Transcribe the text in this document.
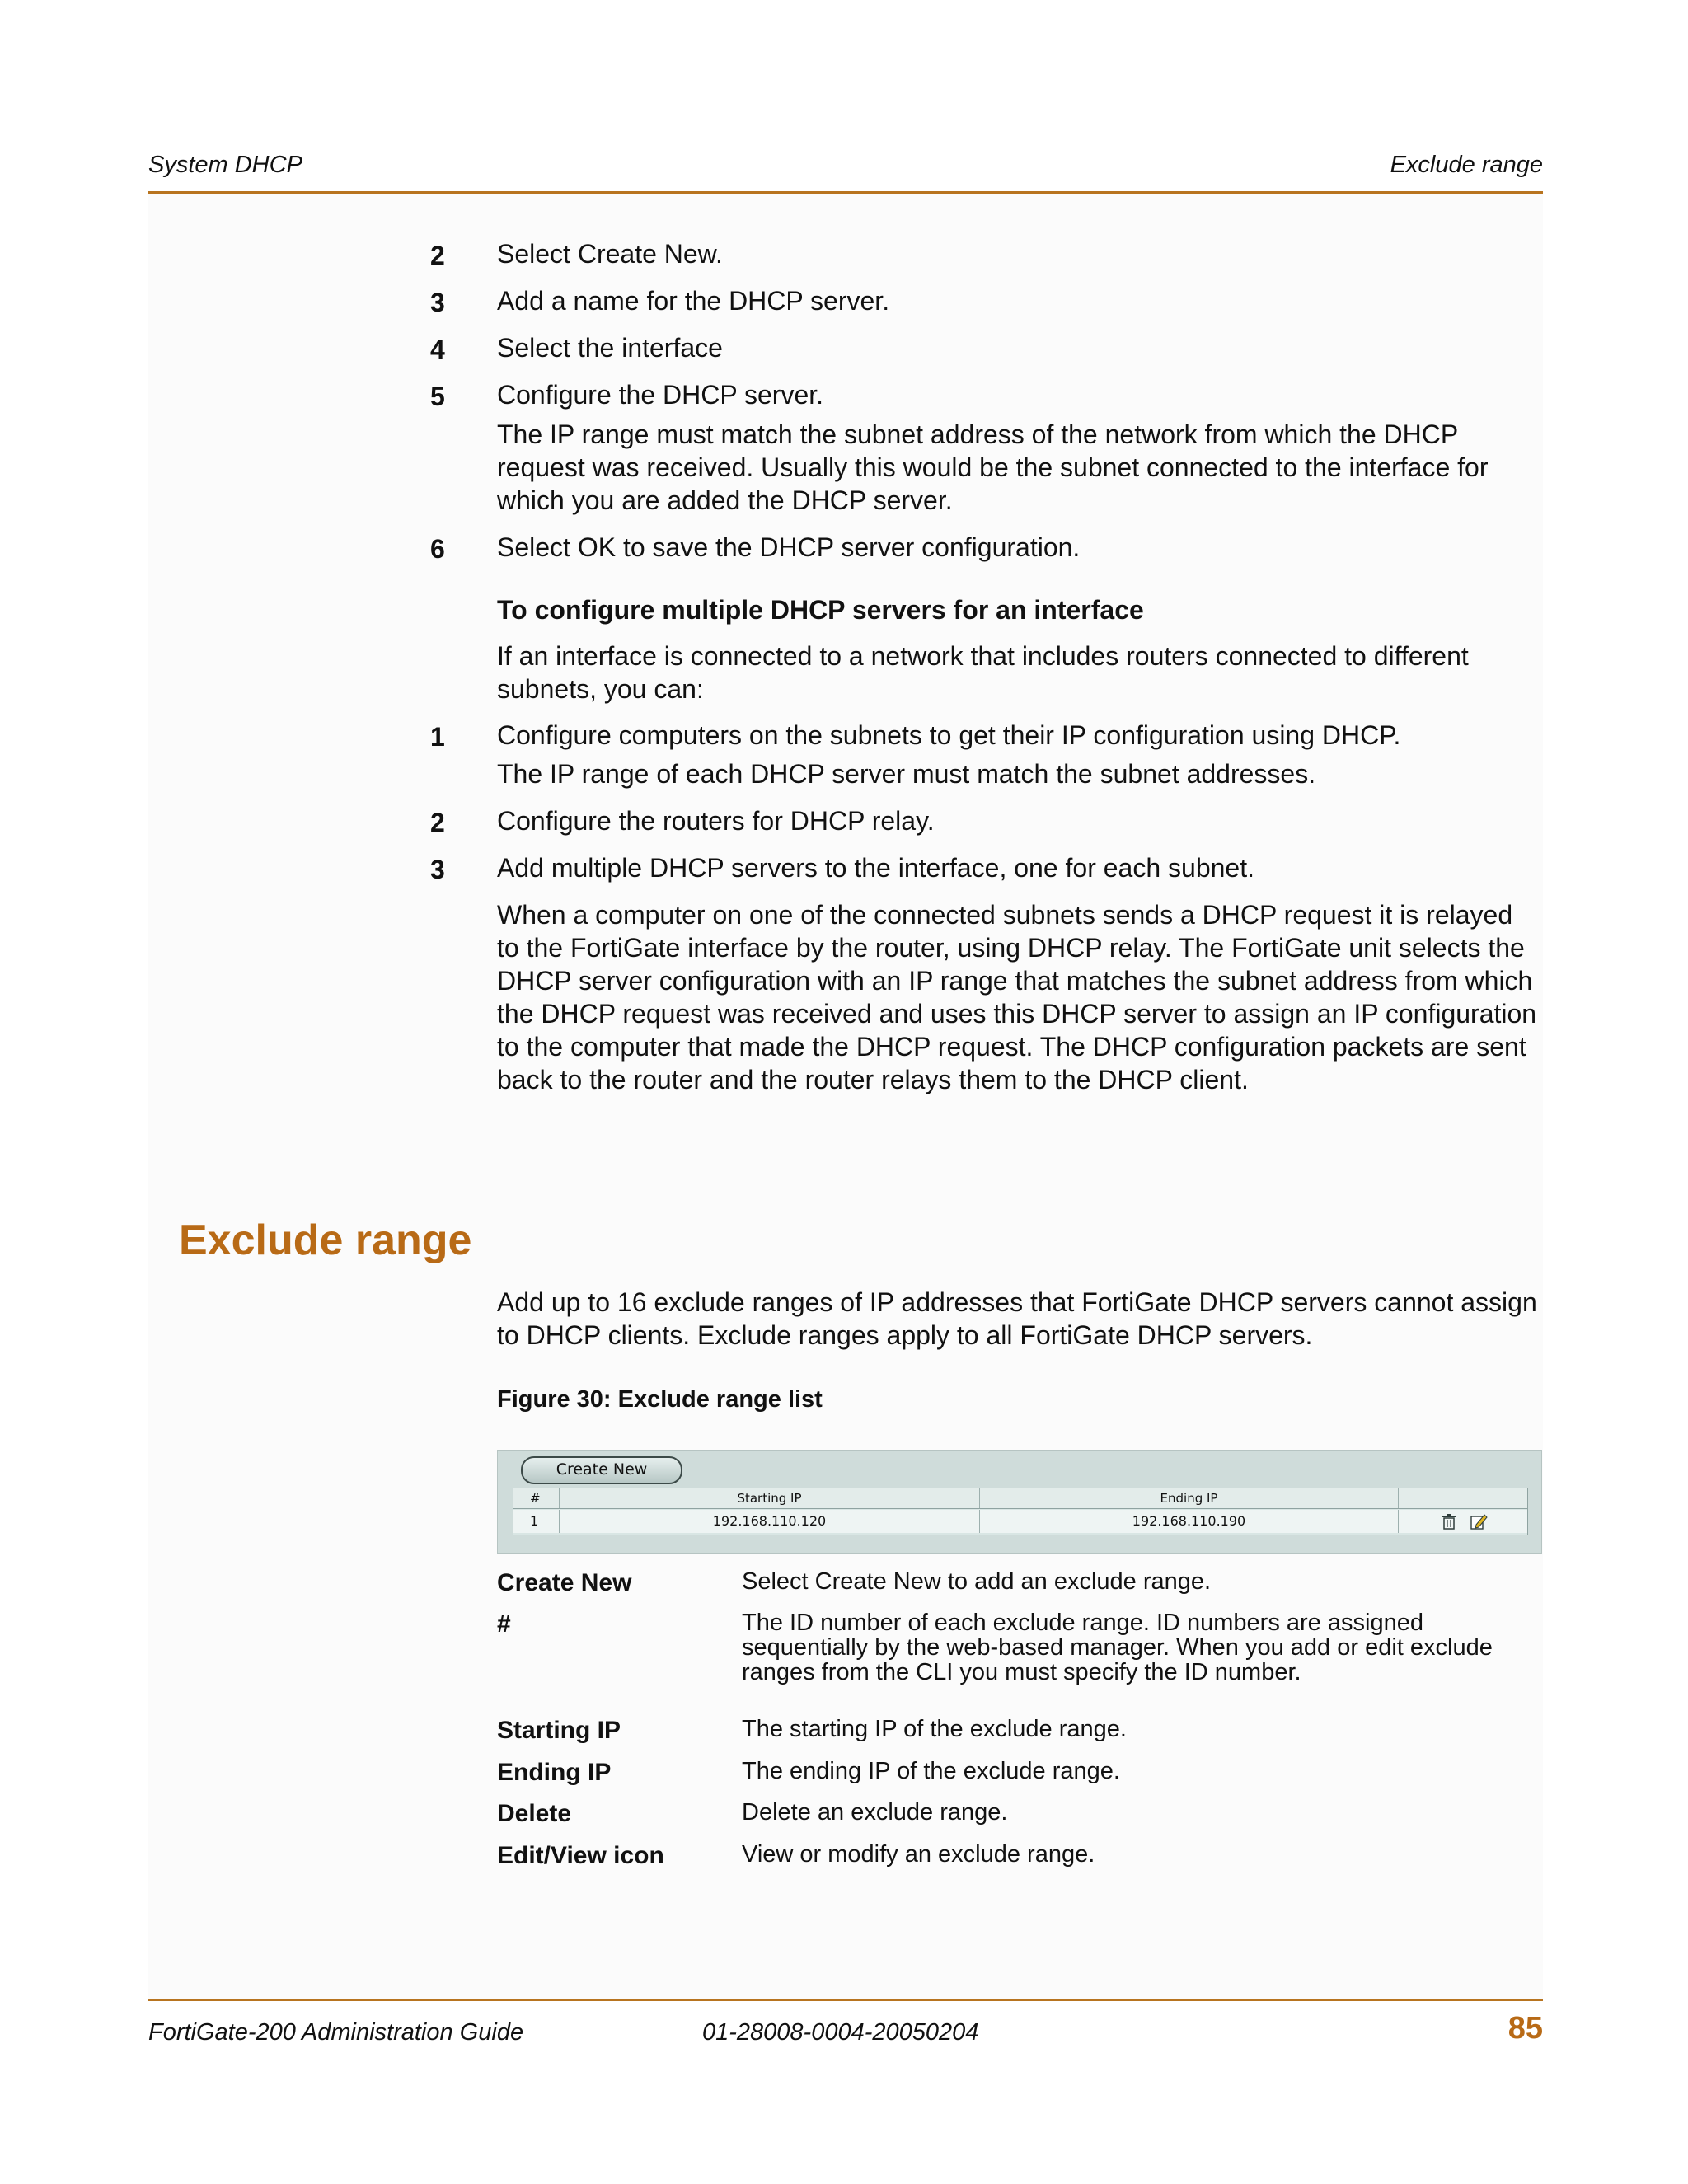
System DHCP	Exclude range
2 Select Create New.
3 Add a name for the DHCP server.
4 Select the interface
5 Configure the DHCP server.
The IP range must match the subnet address of the network from which the DHCP request was received. Usually this would be the subnet connected to the interface for which you are added the DHCP server.
6 Select OK to save the DHCP server configuration.
To configure multiple DHCP servers for an interface
If an interface is connected to a network that includes routers connected to different subnets, you can:
1 Configure computers on the subnets to get their IP configuration using DHCP.
The IP range of each DHCP server must match the subnet addresses.
2 Configure the routers for DHCP relay.
3 Add multiple DHCP servers to the interface, one for each subnet.
When a computer on one of the connected subnets sends a DHCP request it is relayed to the FortiGate interface by the router, using DHCP relay. The FortiGate unit selects the DHCP server configuration with an IP range that matches the subnet address from which the DHCP request was received and uses this DHCP server to assign an IP configuration to the computer that made the DHCP request. The DHCP configuration packets are sent back to the router and the router relays them to the DHCP client.
Exclude range
Add up to 16 exclude ranges of IP addresses that FortiGate DHCP servers cannot assign to DHCP clients. Exclude ranges apply to all FortiGate DHCP servers.
Figure 30: Exclude range list
Create New
#	Starting IP	Ending IP
1	192.168.110.120	192.168.110.190
Create New	Select Create New to add an exclude range.
#	The ID number of each exclude range. ID numbers are assigned sequentially by the web-based manager. When you add or edit exclude ranges from the CLI you must specify the ID number.
Starting IP	The starting IP of the exclude range.
Ending IP	The ending IP of the exclude range.
Delete	Delete an exclude range.
Edit/View icon	View or modify an exclude range.
FortiGate-200 Administration Guide	01-28008-0004-20050204	85
